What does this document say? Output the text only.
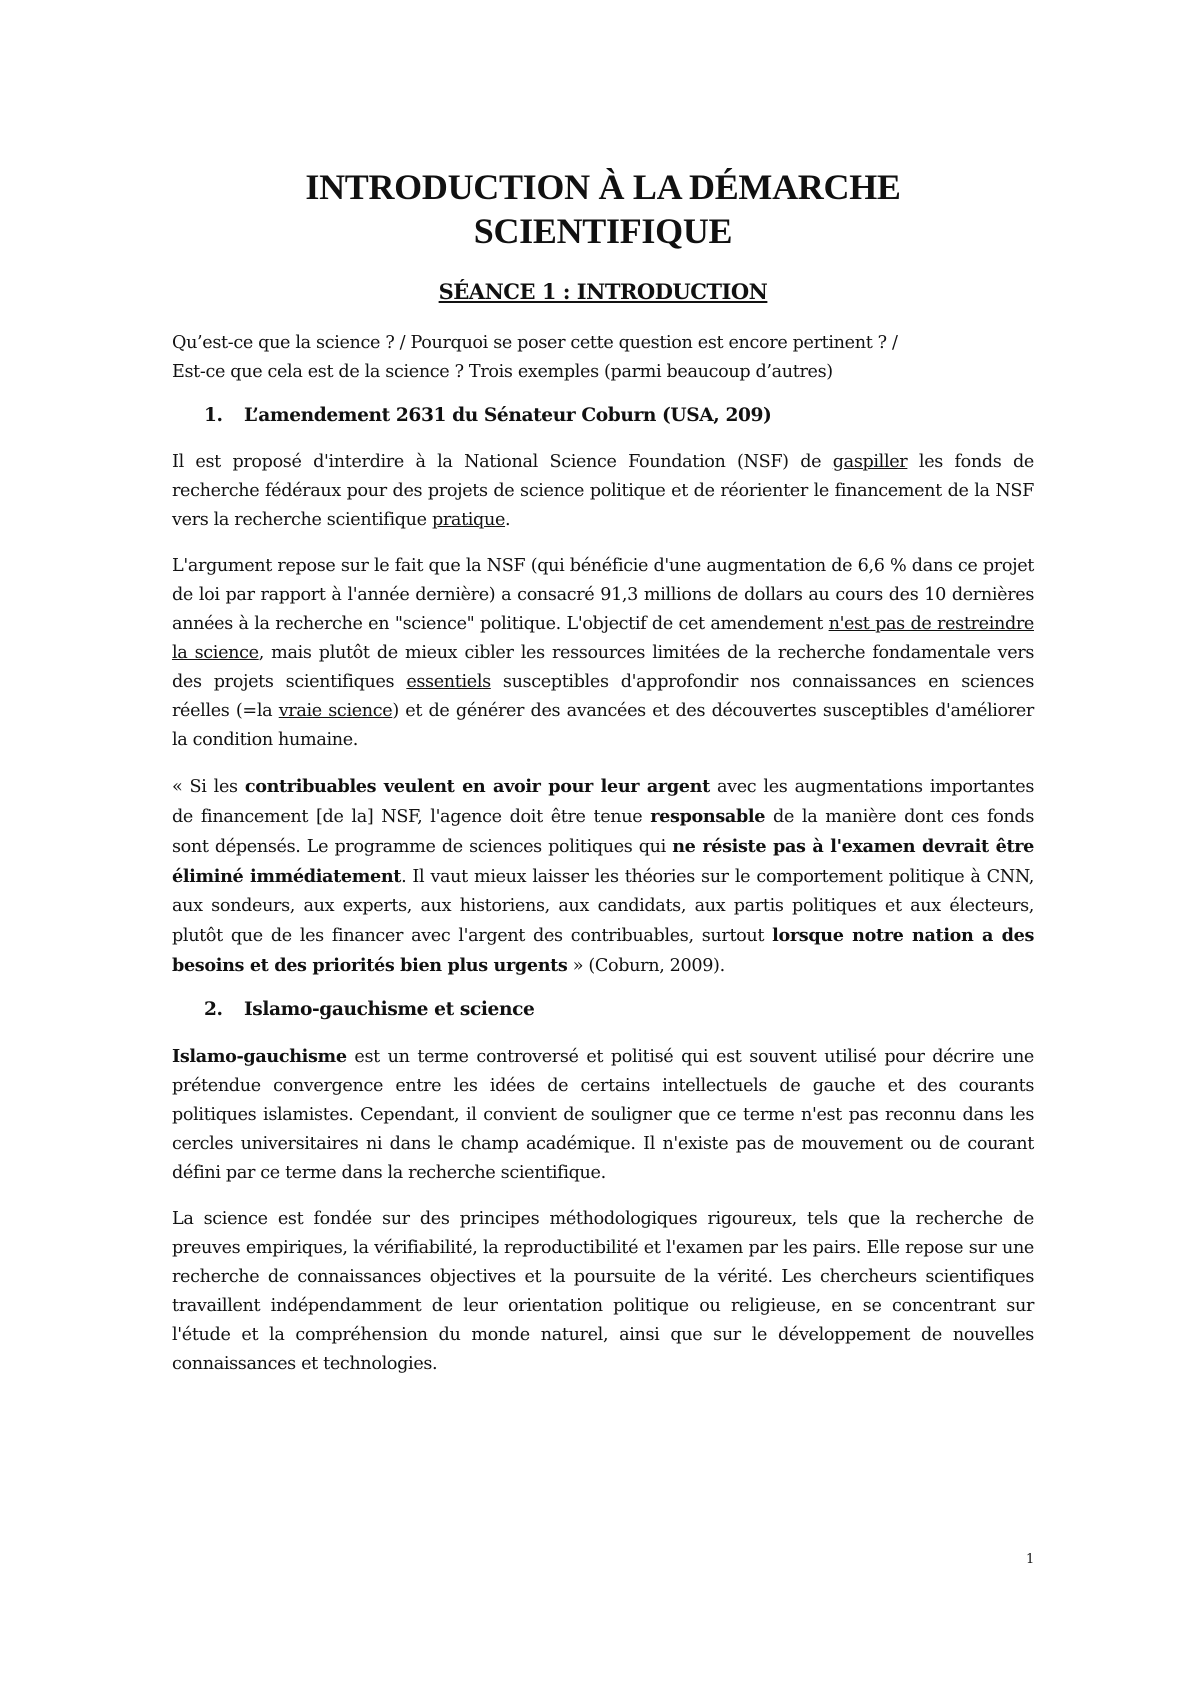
INTRODUCTION À LA DÉMARCHE
SCIENTIFIQUE
SÉANCE 1 : INTRODUCTION

Qu’est-ce que la science ? / Pourquoi se poser cette question est encore pertinent ? /
Est-ce que cela est de la science ? Trois exemples (parmi beaucoup d’autres)

1. L’amendement 2631 du Sénateur Coburn (USA, 209)

Il est proposé d'interdire à la National Science Foundation (NSF) de gaspiller les fonds de recherche fédéraux pour des projets de science politique et de réorienter le financement de la NSF vers la recherche scientifique pratique.

L'argument repose sur le fait que la NSF (qui bénéficie d'une augmentation de 6,6 % dans ce projet de loi par rapport à l'année dernière) a consacré 91,3 millions de dollars au cours des 10 dernières années à la recherche en "science" politique. L'objectif de cet amendement n'est pas de restreindre la science, mais plutôt de mieux cibler les ressources limitées de la recherche fondamentale vers des projets scientifiques essentiels susceptibles d'approfondir nos connaissances en sciences réelles (=la vraie science) et de générer des avancées et des découvertes susceptibles d'améliorer la condition humaine.

« Si les contribuables veulent en avoir pour leur argent avec les augmentations importantes de financement [de la] NSF, l'agence doit être tenue responsable de la manière dont ces fonds sont dépensés. Le programme de sciences politiques qui ne résiste pas à l'examen devrait être éliminé immédiatement. Il vaut mieux laisser les théories sur le comportement politique à CNN, aux sondeurs, aux experts, aux historiens, aux candidats, aux partis politiques et aux électeurs, plutôt que de les financer avec l'argent des contribuables, surtout lorsque notre nation a des besoins et des priorités bien plus urgents » (Coburn, 2009).

2. Islamo-gauchisme et science

Islamo-gauchisme est un terme controversé et politisé qui est souvent utilisé pour décrire une prétendue convergence entre les idées de certains intellectuels de gauche et des courants politiques islamistes. Cependant, il convient de souligner que ce terme n'est pas reconnu dans les cercles universitaires ni dans le champ académique. Il n'existe pas de mouvement ou de courant défini par ce terme dans la recherche scientifique.

La science est fondée sur des principes méthodologiques rigoureux, tels que la recherche de preuves empiriques, la vérifiabilité, la reproductibilité et l'examen par les pairs. Elle repose sur une recherche de connaissances objectives et la poursuite de la vérité. Les chercheurs scientifiques travaillent indépendamment de leur orientation politique ou religieuse, en se concentrant sur l'étude et la compréhension du monde naturel, ainsi que sur le développement de nouvelles connaissances et technologies.

1
